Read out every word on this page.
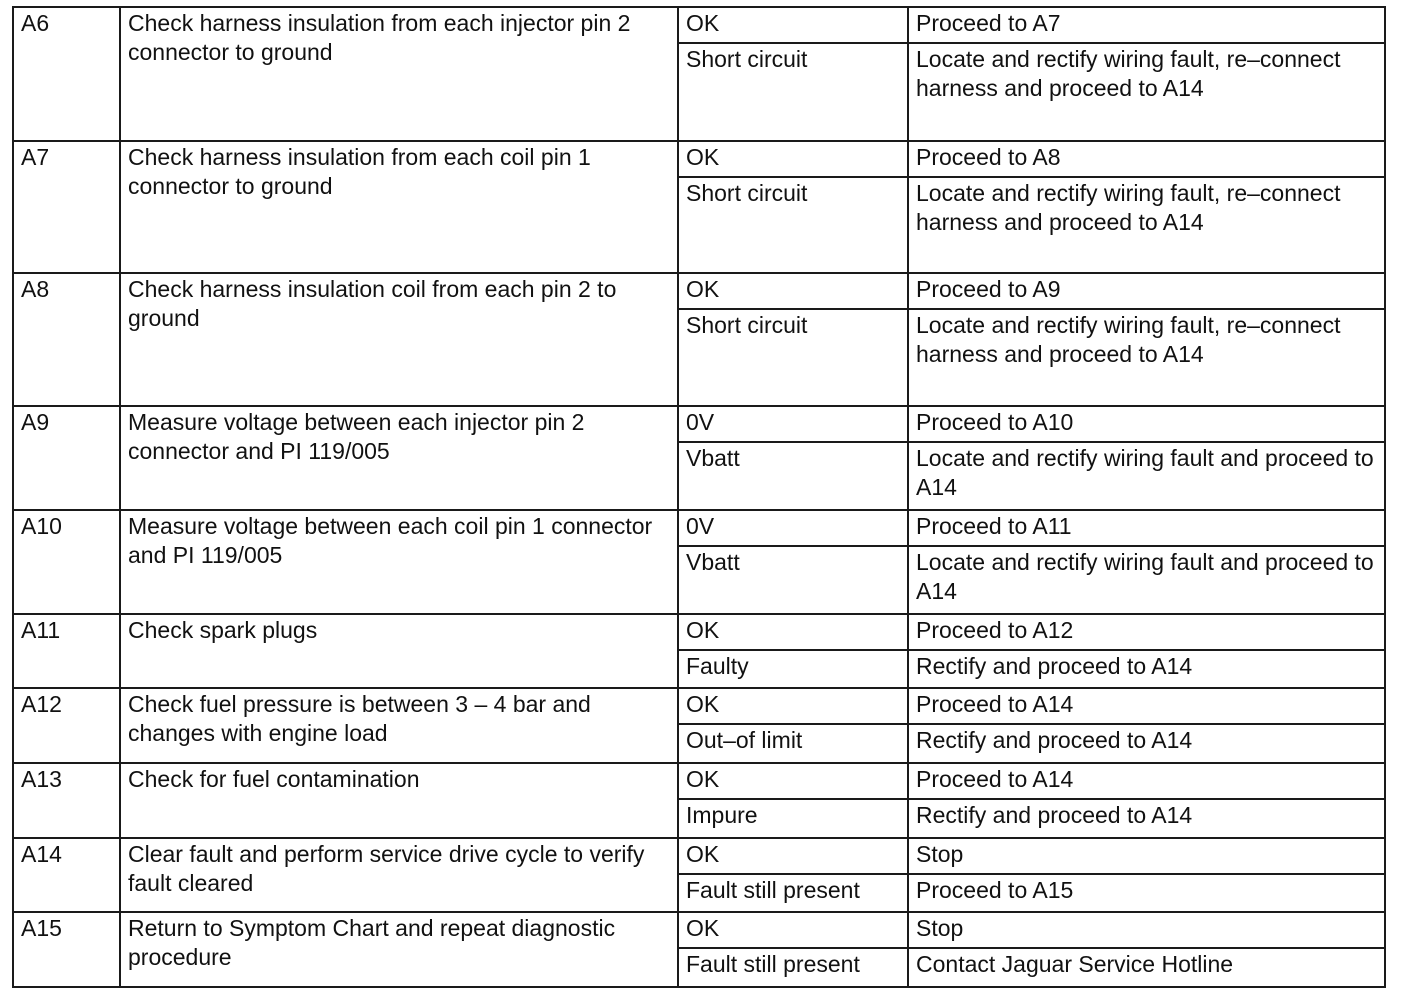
A6	Check harness insulation from each injector pin 2 connector to ground	OK	Proceed to A7
		Short circuit	Locate and rectify wiring fault, re–connect harness and proceed to A14
A7	Check harness insulation from each coil pin 1 connector to ground	OK	Proceed to A8
		Short circuit	Locate and rectify wiring fault, re–connect harness and proceed to A14
A8	Check harness insulation coil from each pin 2 to ground	OK	Proceed to A9
		Short circuit	Locate and rectify wiring fault, re–connect harness and proceed to A14
A9	Measure voltage between each injector pin 2 connector and PI 119/005	0V	Proceed to A10
		Vbatt	Locate and rectify wiring fault and proceed to A14
A10	Measure voltage between each coil pin 1 connector and PI 119/005	0V	Proceed to A11
		Vbatt	Locate and rectify wiring fault and proceed to A14
A11	Check spark plugs	OK	Proceed to A12
		Faulty	Rectify and proceed to A14
A12	Check fuel pressure is between 3 – 4 bar and changes with engine load	OK	Proceed to A14
		Out–of limit	Rectify and proceed to A14
A13	Check for fuel contamination	OK	Proceed to A14
		Impure	Rectify and proceed to A14
A14	Clear fault and perform service drive cycle to verify fault cleared	OK	Stop
		Fault still present	Proceed to A15
A15	Return to Symptom Chart and repeat diagnostic procedure	OK	Stop
		Fault still present	Contact Jaguar Service Hotline
